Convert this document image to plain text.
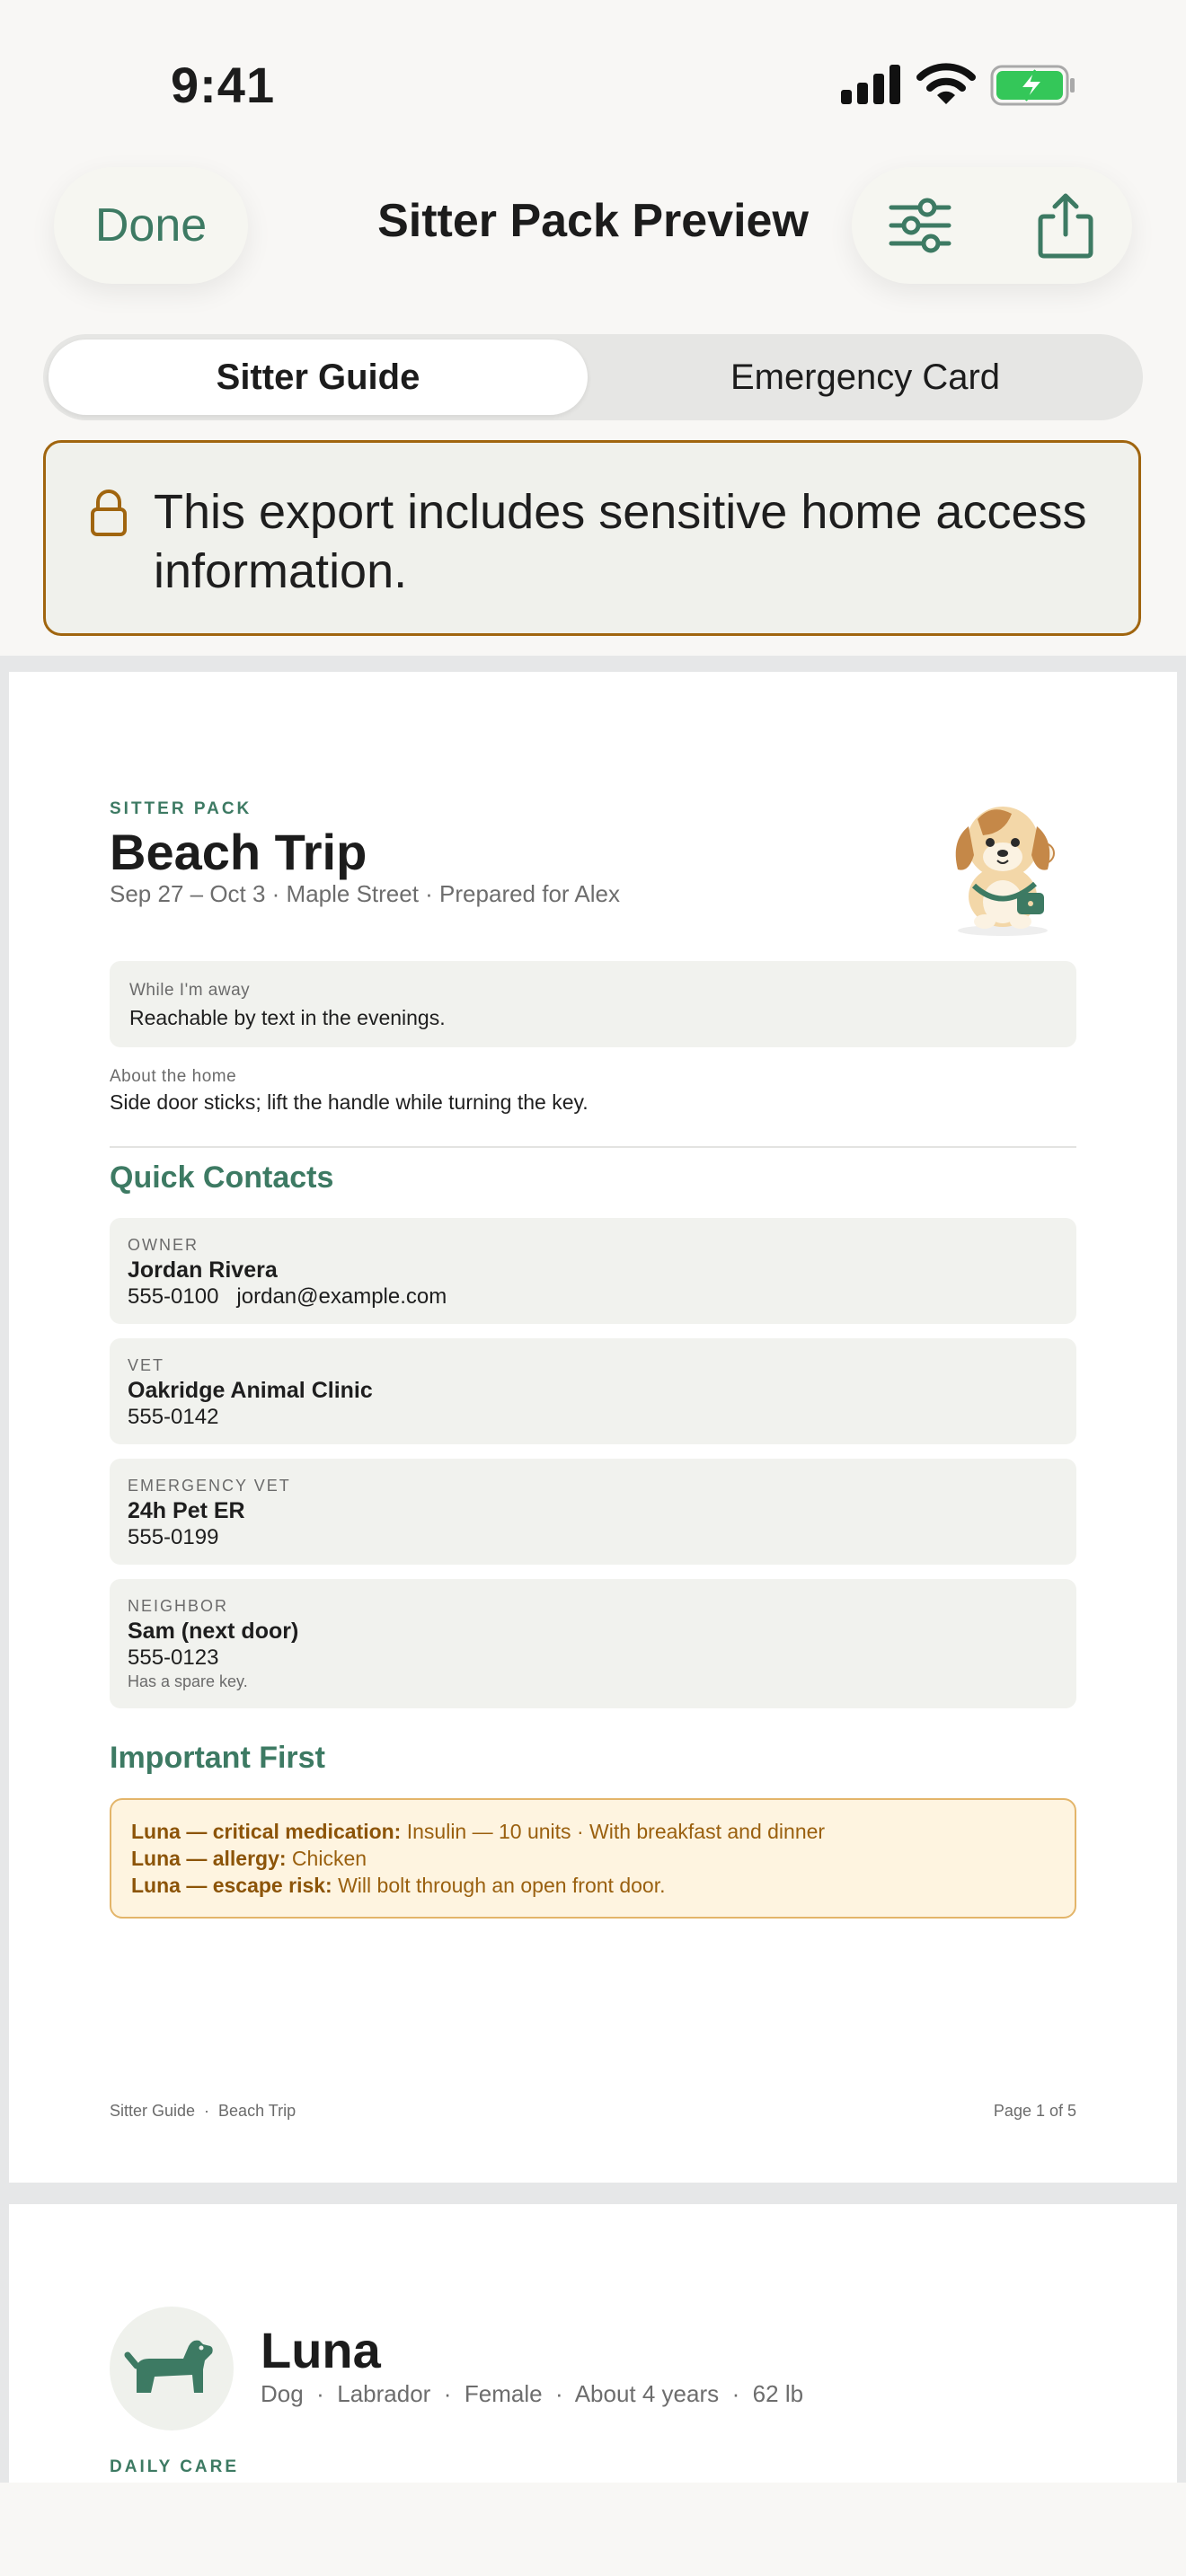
9:41
Done	Sitter Pack Preview
Sitter Guide	Emergency Card
This export includes sensitive home access information.
SITTER PACK
Beach Trip
Sep 27 – Oct 3 · Maple Street · Prepared for Alex
While I'm away
Reachable by text in the evenings.
About the home
Side door sticks; lift the handle while turning the key.
Quick Contacts
OWNER
Jordan Rivera
555-0100   jordan@example.com
VET
Oakridge Animal Clinic
555-0142
EMERGENCY VET
24h Pet ER
555-0199
NEIGHBOR
Sam (next door)
555-0123
Has a spare key.
Important First
Luna — critical medication: Insulin — 10 units · With breakfast and dinner
Luna — allergy: Chicken
Luna — escape risk: Will bolt through an open front door.
Sitter Guide  ·  Beach Trip	Page 1 of 5
Luna
Dog  ·  Labrador  ·  Female  ·  About 4 years  ·  62 lb
DAILY CARE
